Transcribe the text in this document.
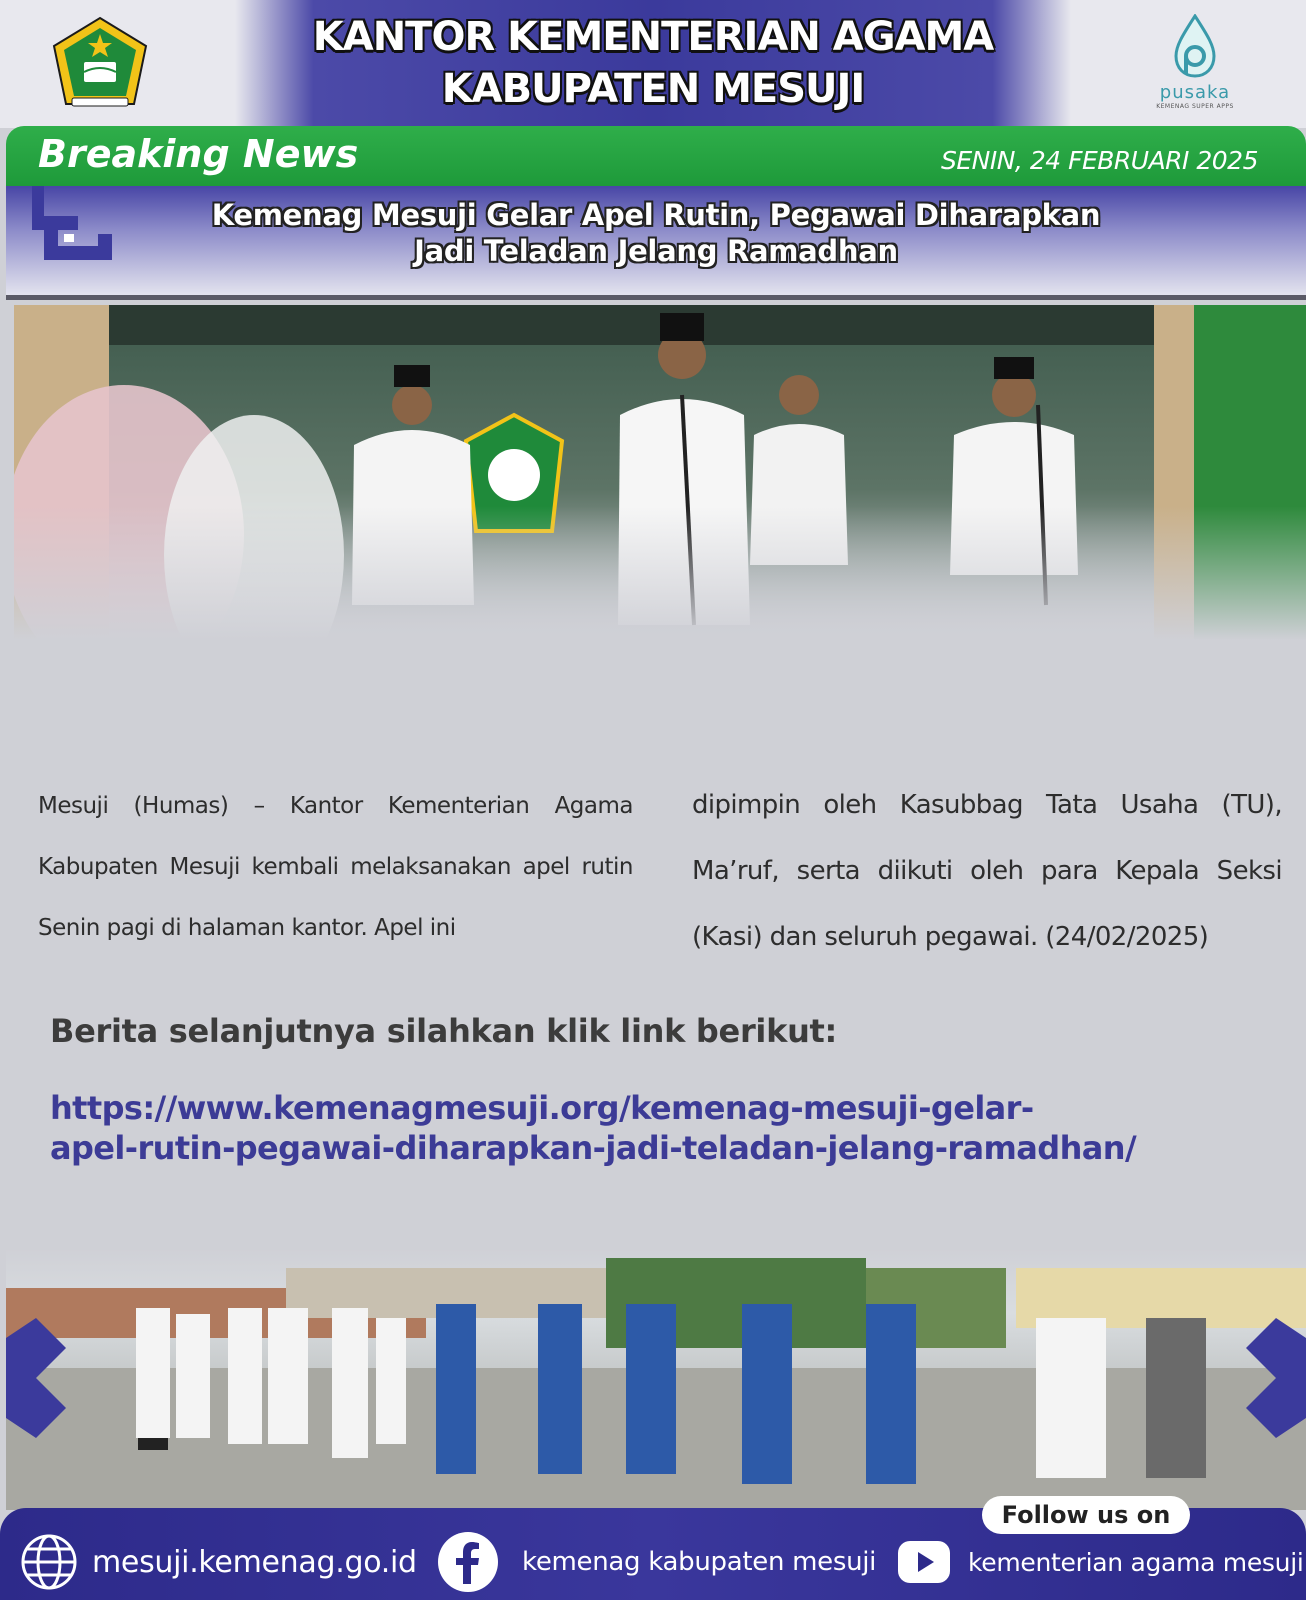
KANTOR KEMENTERIAN AGAMA
KABUPATEN MESUJI	pusaka
KEMENAG SUPER APPS
Breaking News	SENIN, 24 FEBRUARI 2025
Kemenag Mesuji Gelar Apel Rutin, Pegawai Diharapkan
Jadi Teladan Jelang Ramadhan
Mesuji (Humas) – Kantor Kementerian Agama Kabupaten Mesuji kembali melaksanakan apel rutin Senin pagi di halaman kantor. Apel ini
dipimpin oleh Kasubbag Tata Usaha (TU), Ma’ruf, serta diikuti oleh para Kepala Seksi (Kasi) dan seluruh pegawai. (24/02/2025)
Berita selanjutnya silahkan klik link berikut:
https://www.kemenagmesuji.org/kemenag-mesuji-gelar-
apel-rutin-pegawai-diharapkan-jadi-teladan-jelang-ramadhan/
Follow us on
mesuji.kemenag.go.id	kemenag kabupaten mesuji	kementerian agama mesuji
